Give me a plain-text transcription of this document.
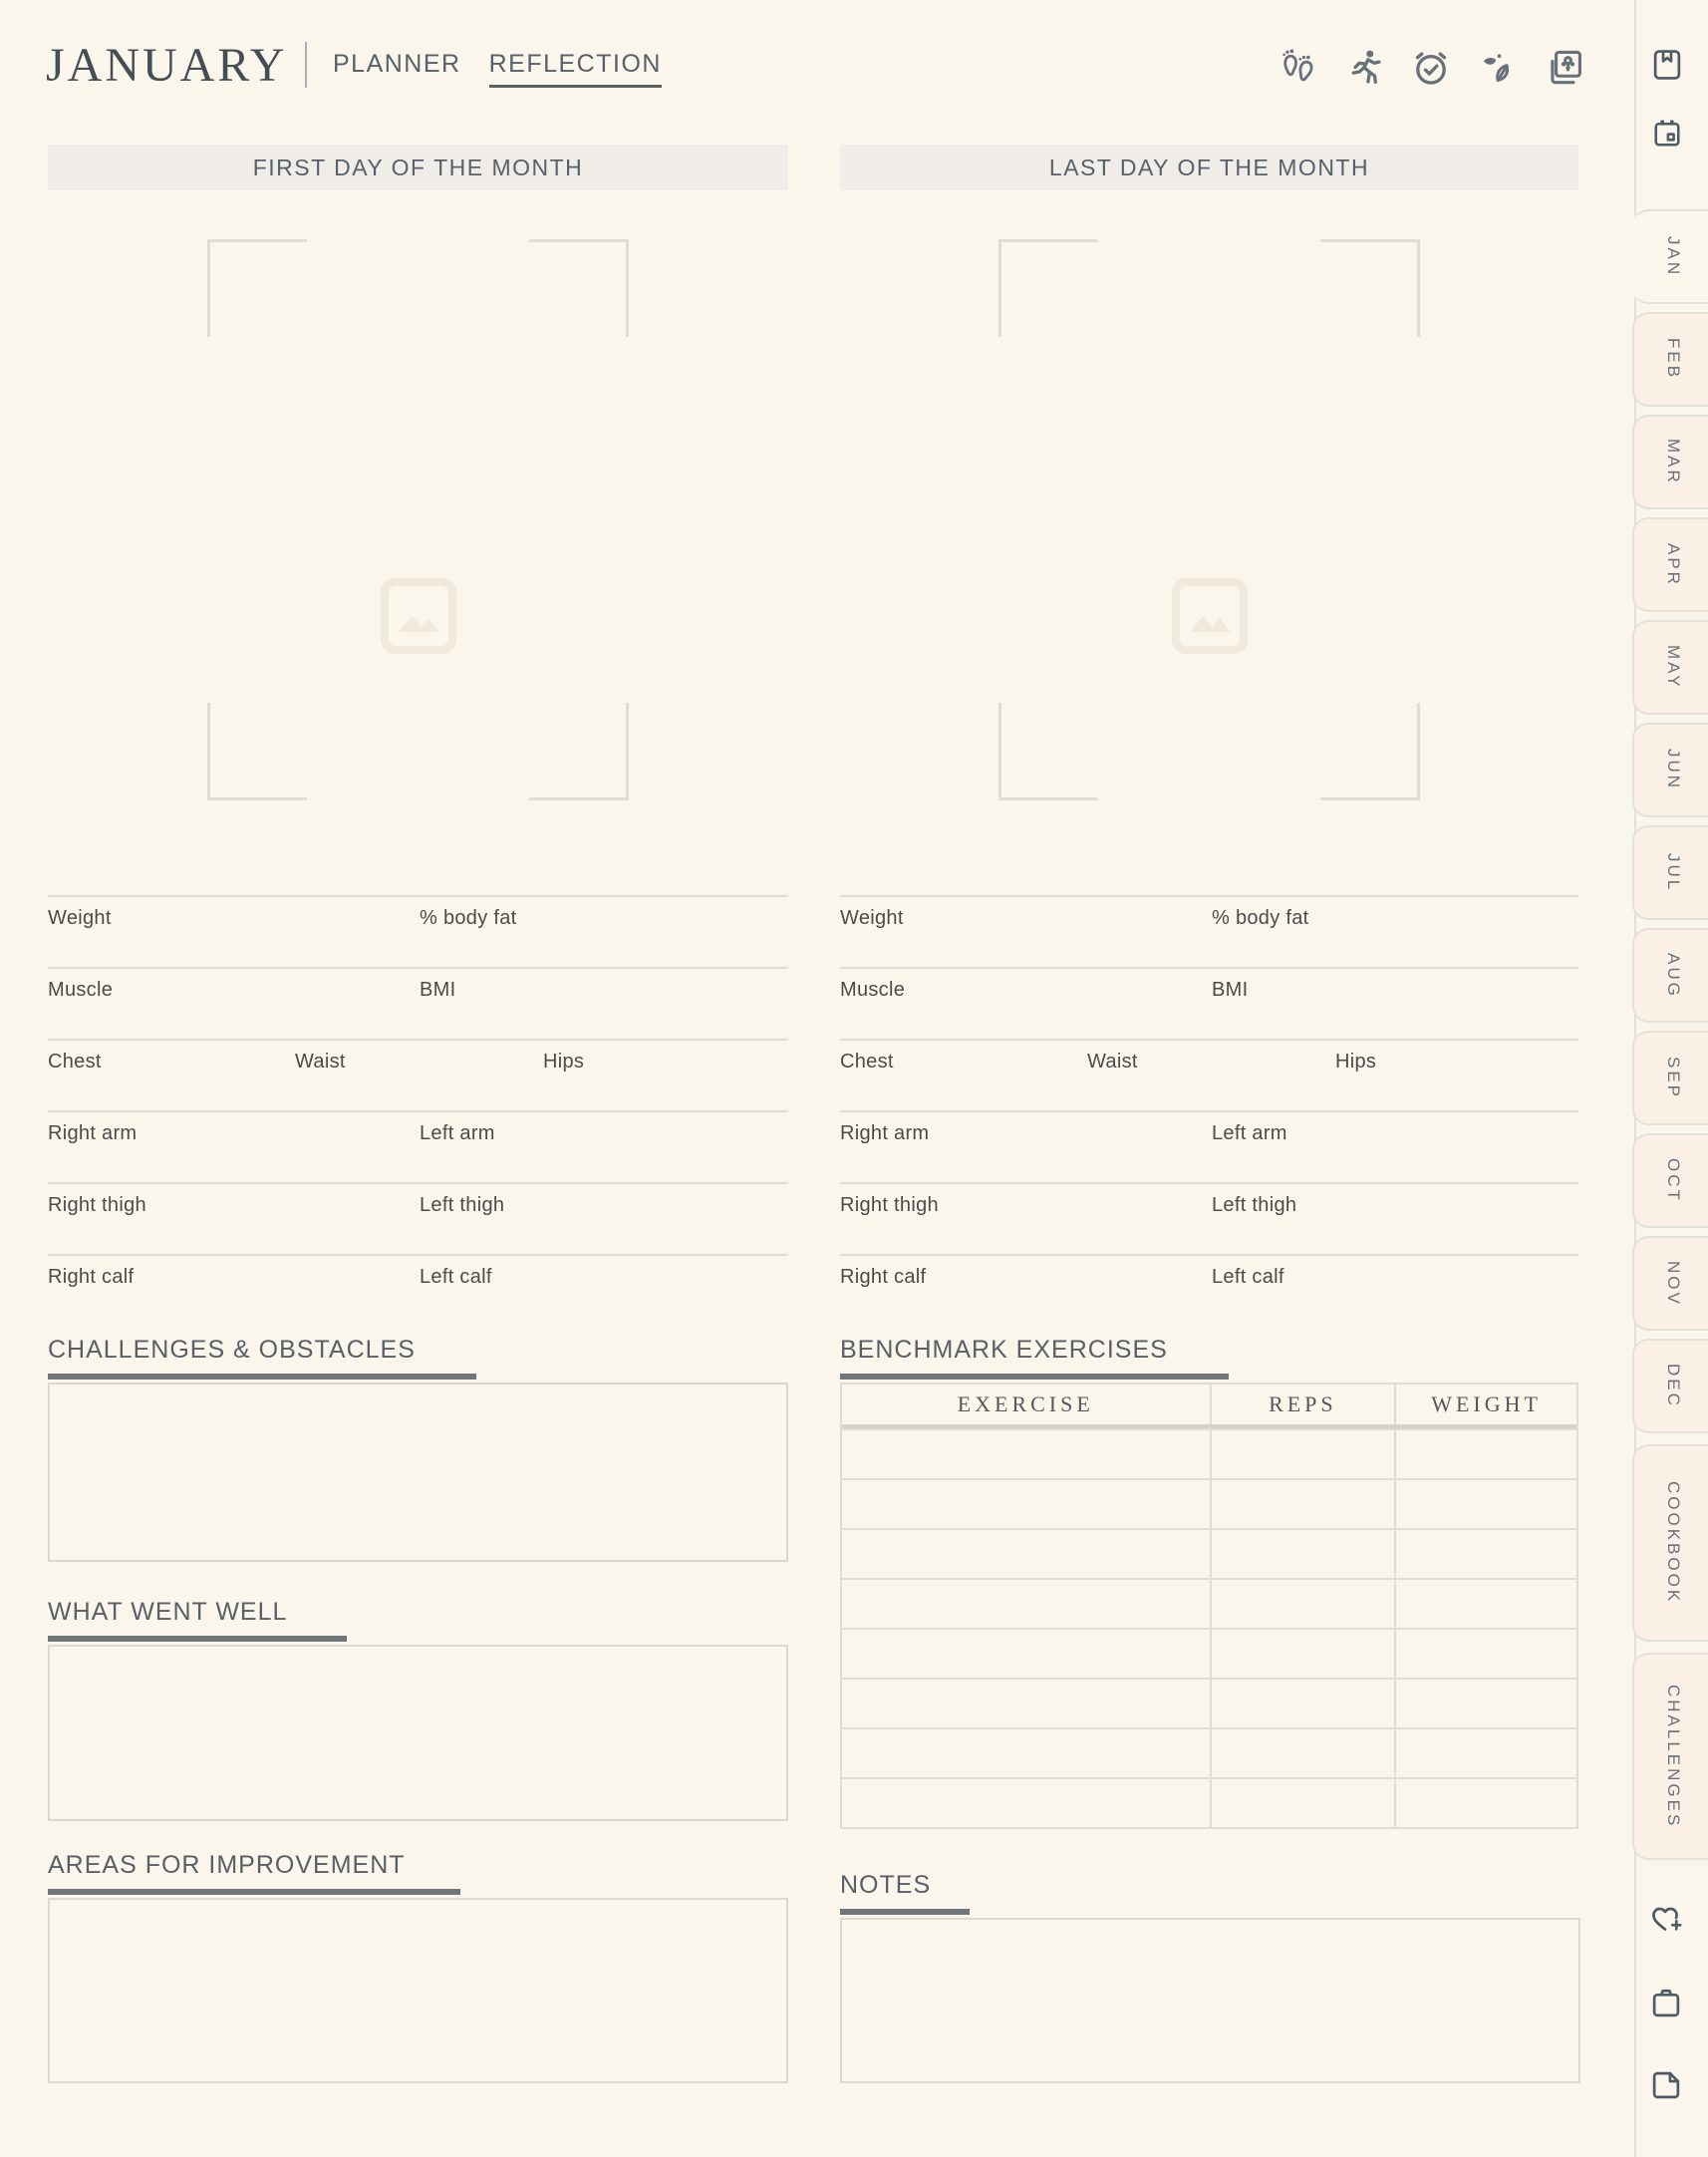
JANUARY PLANNER REFLECTION
FIRST DAY OF THE MONTH
Weight	% body fat
Muscle	BMI
Chest	Waist	Hips
Right arm	Left arm
Right thigh	Left thigh
Right calf	Left calf
CHALLENGES & OBSTACLES
WHAT WENT WELL
AREAS FOR IMPROVEMENT
LAST DAY OF THE MONTH
Weight	% body fat
Muscle	BMI
Chest	Waist	Hips
Right arm	Left arm
Right thigh	Left thigh
Right calf	Left calf
BENCHMARK EXERCISES
EXERCISE	REPS	WEIGHT
NOTES
JAN
FEB
MAR
APR
MAY
JUN
JUL
AUG
SEP
OCT
NOV
DEC
COOKBOOK
CHALLENGES
